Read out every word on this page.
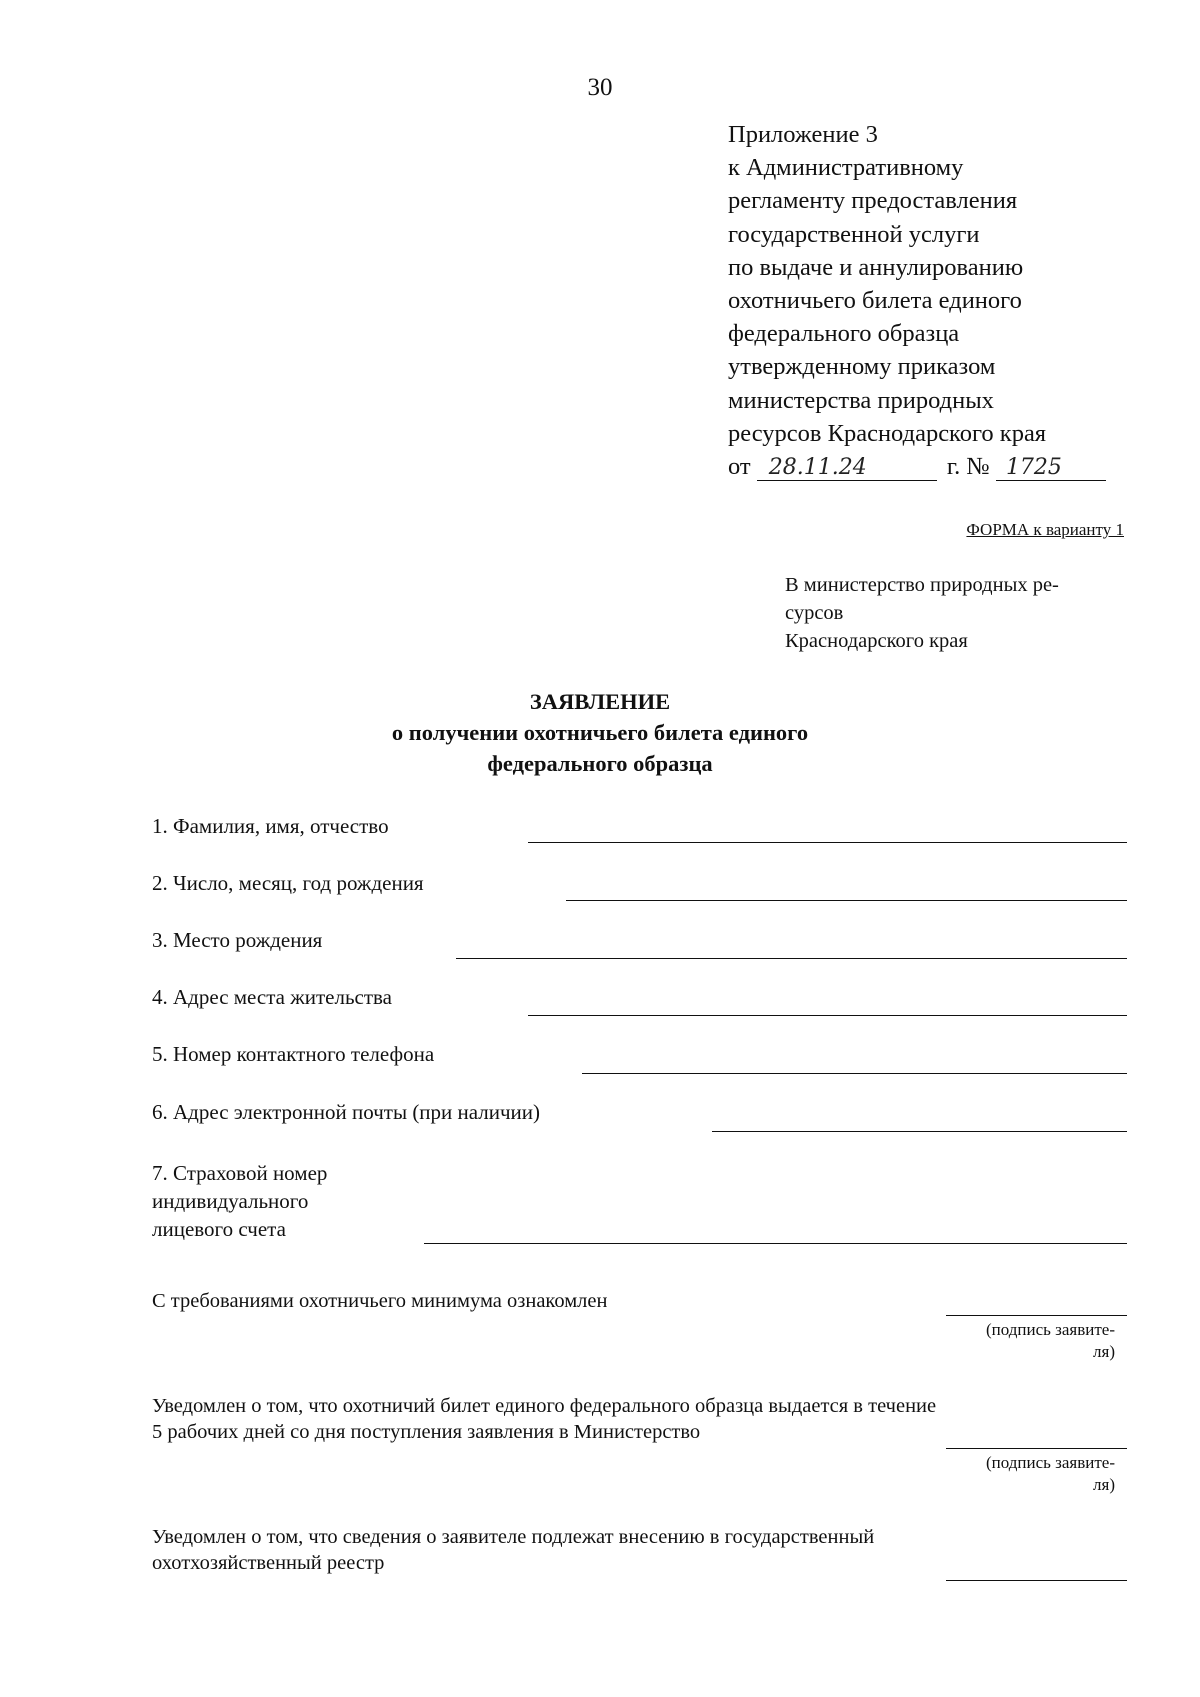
30
Приложение 3
к Административному
регламенту предоставления
государственной услуги
по выдаче и аннулированию
охотничьего билета единого
федерального образца
утвержденному приказом
министерства природных
ресурсов Краснодарского края
от 28.11.24	г. № 1725
ФОРМА к варианту 1
В министерство природных ре-
сурсов
Краснодарского края
ЗАЯВЛЕНИЕ
о получении охотничьего билета единого
федерального образца
1. Фамилия, имя, отчество
2. Число, месяц, год рождения
3. Место рождения
4. Адрес места жительства
5. Номер контактного телефона
6. Адрес электронной почты (при наличии)
7. Страховой номер
индивидуального
лицевого счета
С требованиями охотничьего минимума ознакомлен
(подпись заявите-
ля)
Уведомлен о том, что охотничий билет единого федерального образца выдается в течение
5 рабочих дней со дня поступления заявления в Министерство
(подпись заявите-
ля)
Уведомлен о том, что сведения о заявителе подлежат внесению в государственный
охотхозяйственный реестр
